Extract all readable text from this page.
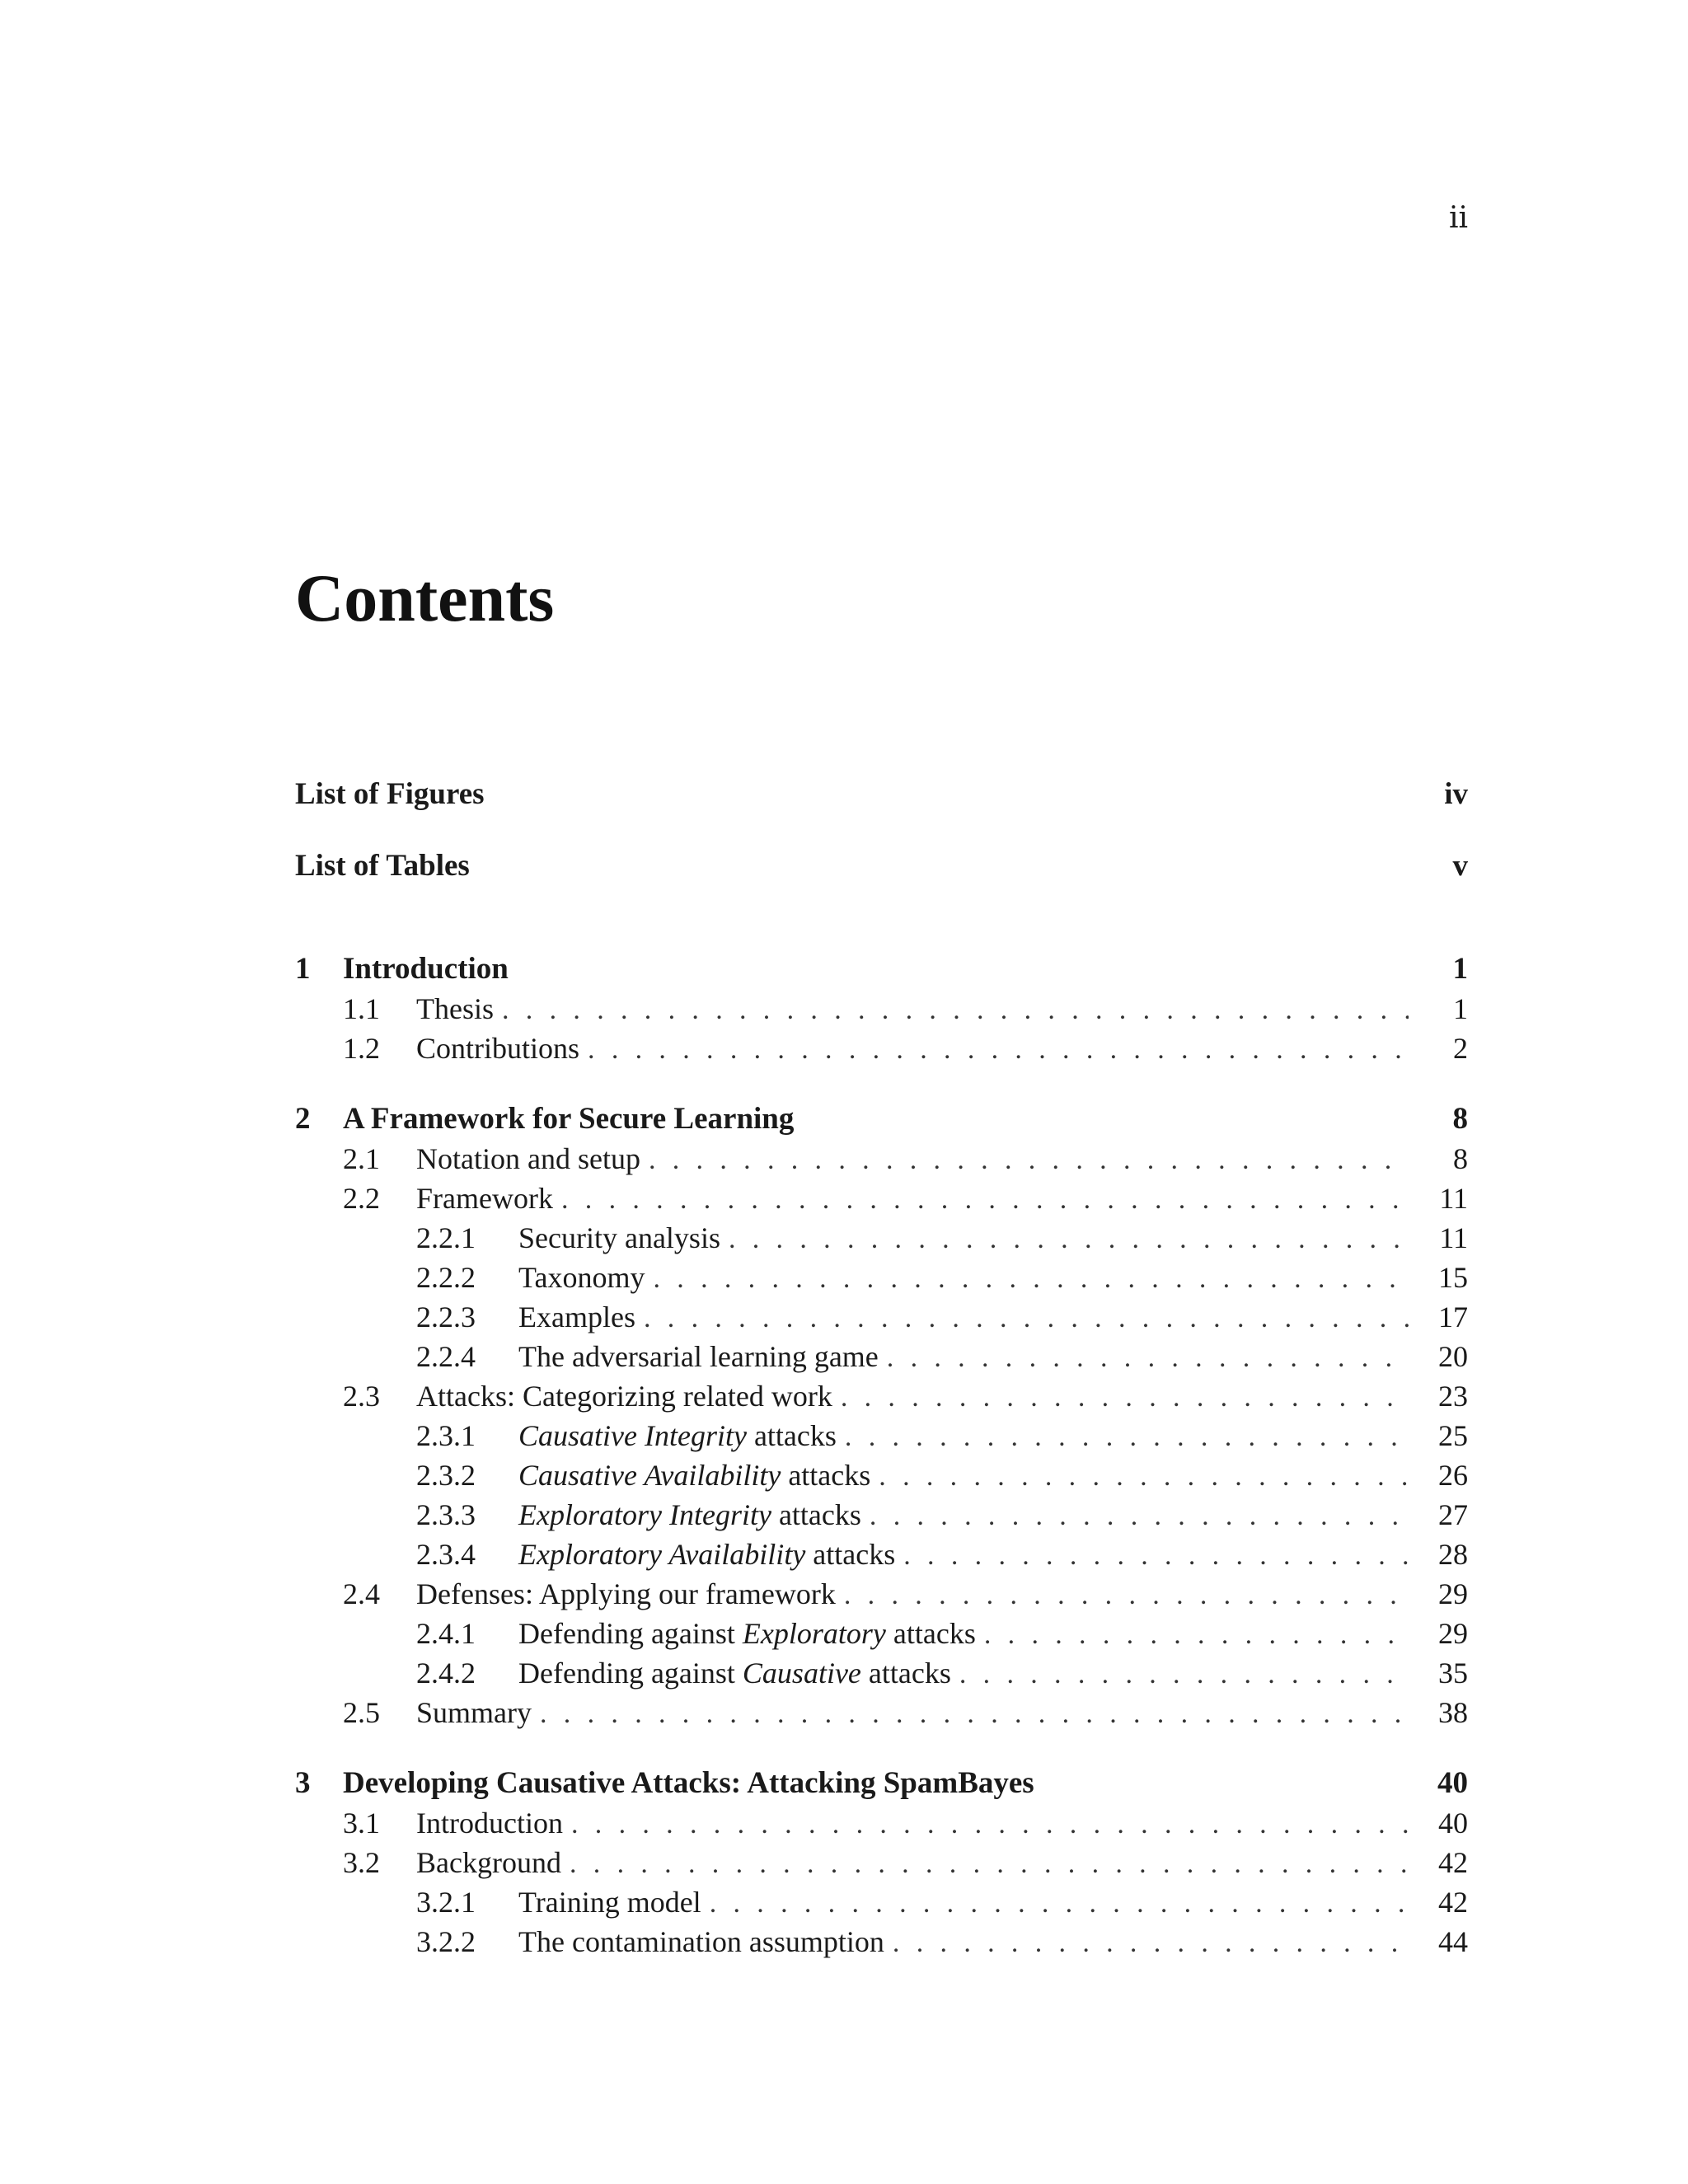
ii
Contents
List of Figures	iv
List of Tables	v
1	Introduction	1
1.1	Thesis . . .	1
1.2	Contributions . . .	2
2	A Framework for Secure Learning	8
2.1	Notation and setup . . .	8
2.2	Framework . . .	11
2.2.1	Security analysis . . .	11
2.2.2	Taxonomy . . .	15
2.2.3	Examples . . .	17
2.2.4	The adversarial learning game . . .	20
2.3	Attacks: Categorizing related work . . .	23
2.3.1	Causative Integrity attacks . . .	25
2.3.2	Causative Availability attacks . . .	26
2.3.3	Exploratory Integrity attacks . . .	27
2.3.4	Exploratory Availability attacks . . .	28
2.4	Defenses: Applying our framework . . .	29
2.4.1	Defending against Exploratory attacks . . .	29
2.4.2	Defending against Causative attacks . . .	35
2.5	Summary . . .	38
3	Developing Causative Attacks: Attacking SpamBayes	40
3.1	Introduction . . .	40
3.2	Background . . .	42
3.2.1	Training model . . .	42
3.2.2	The contamination assumption . . .	44
